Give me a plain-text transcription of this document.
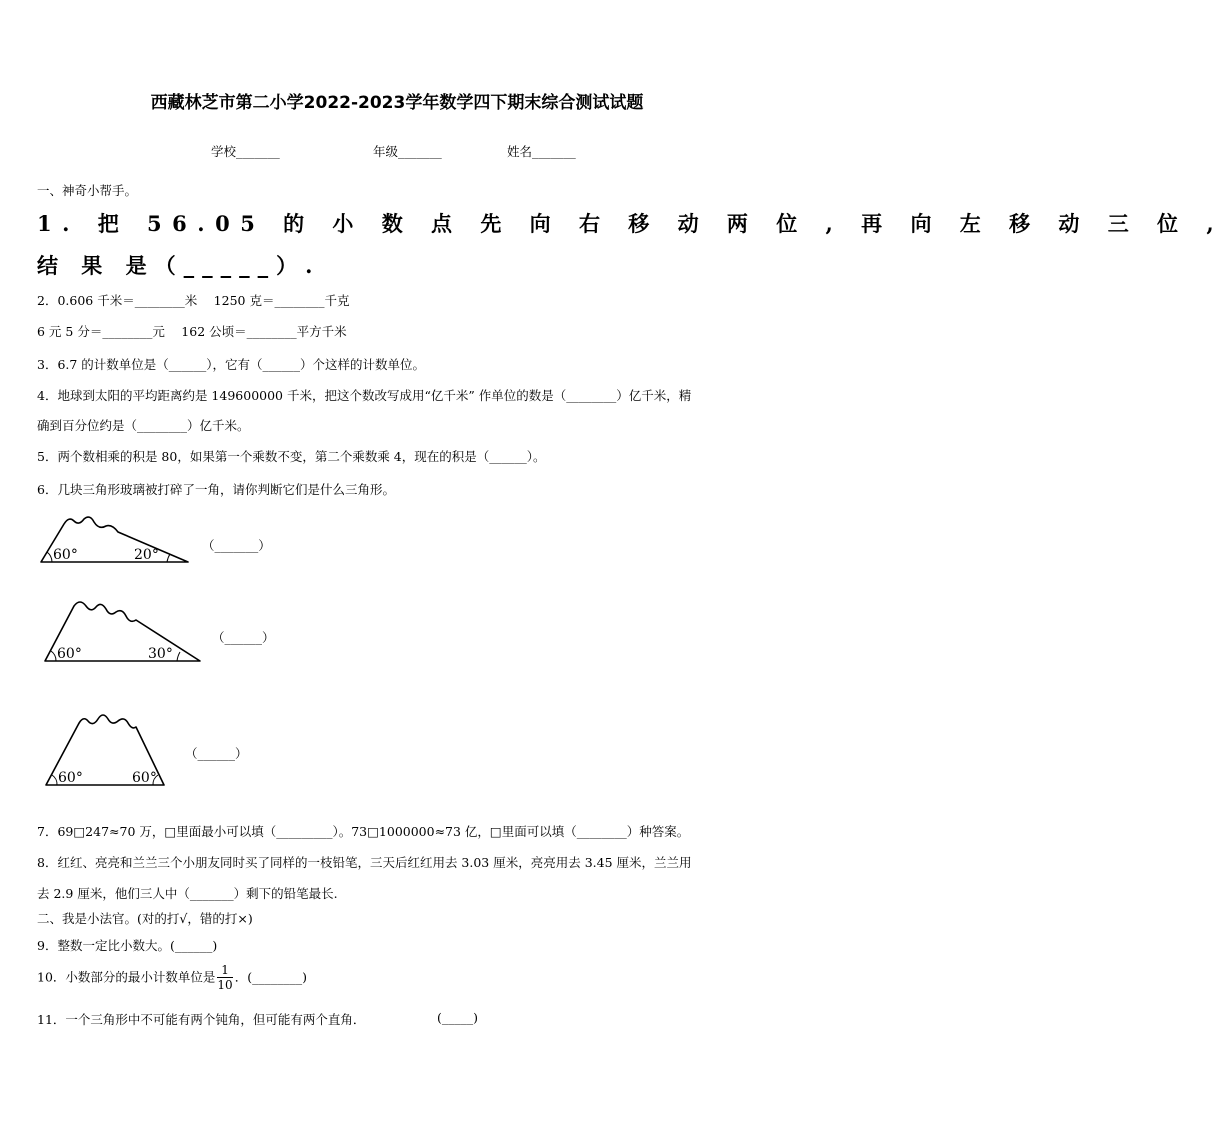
西藏林芝市第二小学2022-2023学年数学四下期末综合测试试题
学校_______	年级_______	姓名_______
一、神奇小帮手。
1. 把 56.05 的 小 数 点 先 向 右 移 动 两 位 , 再 向 左 移 动 三 位 ,
结 果 是（_____）.
2．0.606 千米＝________米　 1250 克＝________千克
6 元 5 分＝________元　 162 公顷＝________平方千米
3．6.7 的计数单位是（______），它有（______）个这样的计数单位。
4．地球到太阳的平均距离约是 149600000 千米，把这个数改写成用“亿千米” 作单位的数是（________）亿千米，精
确到百分位约是（________）亿千米。
5．两个数相乘的积是 80，如果第一个乘数不变，第二个乘数乘 4，现在的积是（______）。
6．几块三角形玻璃被打碎了一角，请你判断它们是什么三角形。
60°	20°
（_______）
60°	30°
（______）
60°	60°
（______）
7．69□247≈70 万，□里面最小可以填（_________）。73□1000000≈73 亿，□里面可以填（________）种答案。
8．红红、亮亮和兰兰三个小朋友同时买了同样的一枝铅笔，三天后红红用去 3.03 厘米，亮亮用去 3.45 厘米，兰兰用
去 2.9 厘米，他们三人中（_______）剩下的铅笔最长.
二、我是小法官。(对的打√，错的打×)
9．整数一定比小数大。(______)
10．小数部分的最小计数单位是 $\frac{1}{10}$ ．(________)
11．一个三角形中不可能有两个钝角，但可能有两个直角．	(_____)
